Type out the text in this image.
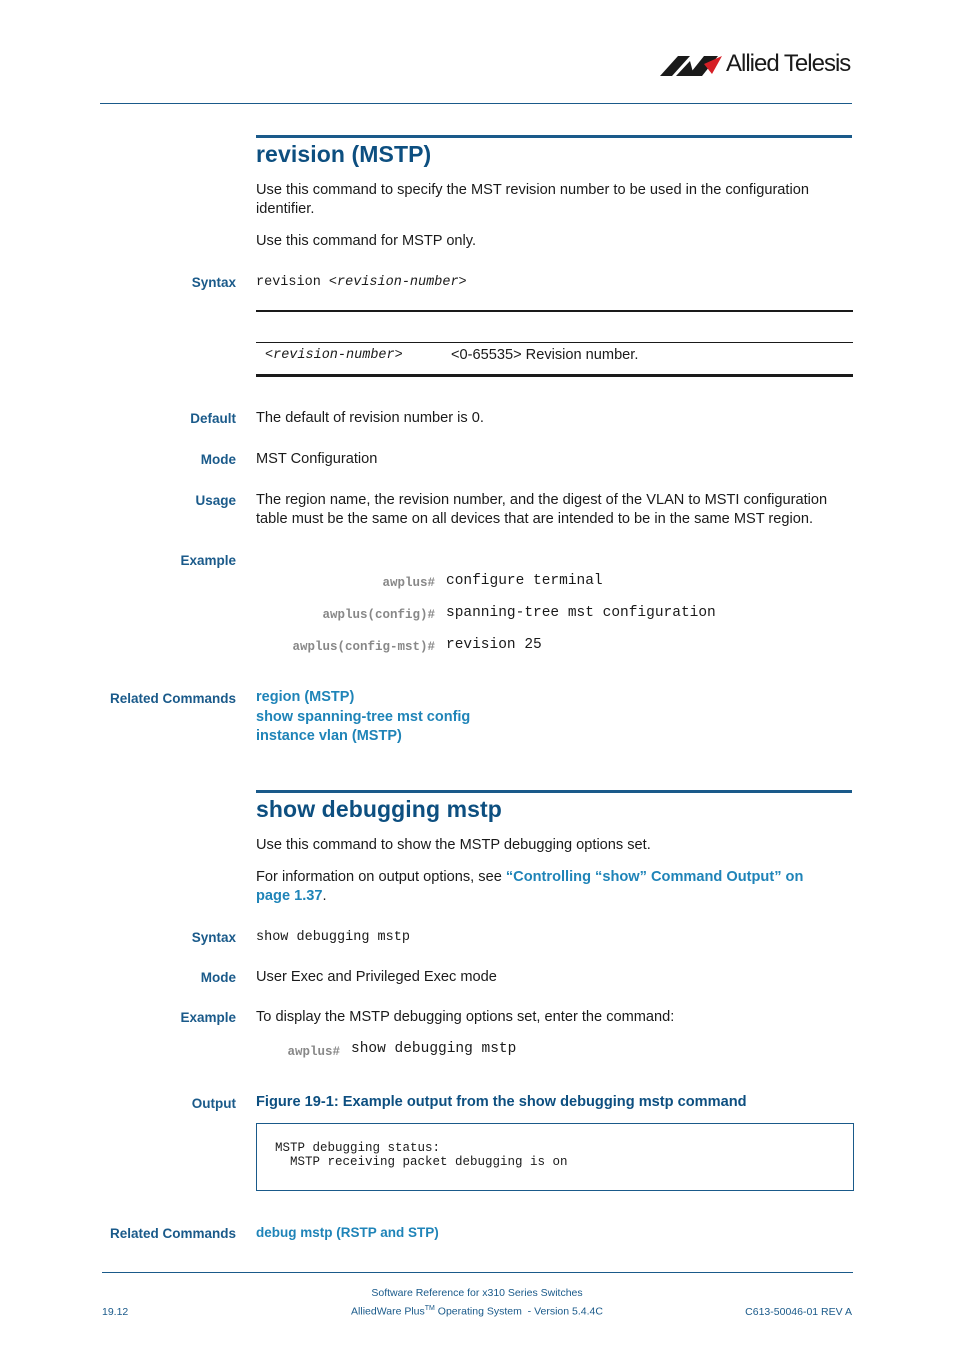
Allied Telesis
revision (MSTP)
Use this command to specify the MST revision number to be used in the configuration identifier.
Use this command for MSTP only.
Syntax revision <revision-number>
<revision-number>	<0-65535> Revision number.
Default The default of revision number is 0.
Mode MST Configuration
Usage The region name, the revision number, and the digest of the VLAN to MSTI configuration table must be the same on all devices that are intended to be in the same MST region.
Example
awplus# configure terminal
awplus(config)# spanning-tree mst configuration
awplus(config-mst)# revision 25
Related Commands region (MSTP)
show spanning-tree mst config
instance vlan (MSTP)
show debugging mstp
Use this command to show the MSTP debugging options set.
For information on output options, see “Controlling “show” Command Output” on page 1.37.
Syntax show debugging mstp
Mode User Exec and Privileged Exec mode
Example To display the MSTP debugging options set, enter the command:
awplus# show debugging mstp
Output Figure 19-1: Example output from the show debugging mstp command
MSTP debugging status:
MSTP receiving packet debugging is on
Related Commands debug mstp (RSTP and STP)
Software Reference for x310 Series Switches
AlliedWare Plus™ Operating System  - Version 5.4.4C
19.12	C613-50046-01 REV A
